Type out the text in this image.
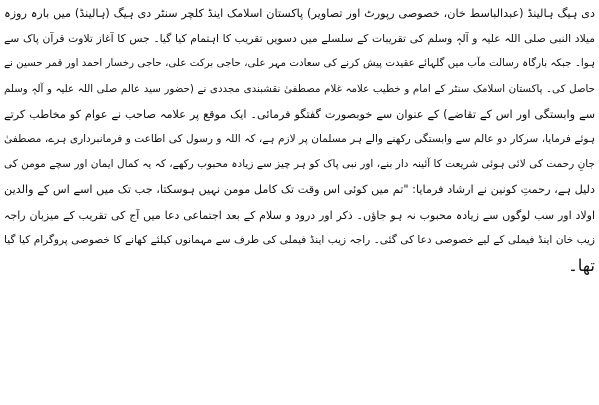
دی ہیگ ہالینڈ (عبدالباسط خان، خصوصی رپورٹ اور تصاویر) پاکستان اسلامک اینڈ کلچر سنٹر دی ہیگ (ہالینڈ) میں بارہ روزہ
میلاد النبی صلی اللہ علیہ و آلہٖ وسلم کی تقریبات کے سلسلے میں دسویں تقریب کا اہتمام کیا گیا۔ جس کا آغاز تلاوت قرآن پاک سے
ہوا۔ جبکہ بارگاہ رسالت مآب میں گلہائے عقیدت پیش کرنے کی سعادت مہر علی، حاجی برکت علی، حاجی رخسار احمد اور قمر حسین نے
حاصل کی۔ پاکستان اسلامک سنٹر کے امام و خطیب علامہ غلام مصطفیٰ نقشبندی مجددی نے (حضور سید عالم صلی اللہ علیہ و آلہٖ وسلم
سے وابستگی اور اس کے تقاضے) کے عنوان سے خوبصورت گفتگو فرمائی۔ ایک موقع پر علامہ صاحب نے عوام کو مخاطب کرتے
ہوئے فرمایا، سرکار دو عالم سے وابستگی رکھنے والے ہر مسلمان پر لازم ہے، کہ اللہ و رسول کی اطاعت و فرمانبرداری ہرے، مصطفیٰ
جانِ رحمت کی لائی ہوئی شریعت کا آئینہ دار بنے، اور نبی پاک کو ہر چیز سے زیادہ محبوب رکھے، کہ یہ کمال ایمان اور سچے مومن کی
دلیل ہے، رحمتِ کونین نے ارشاد فرمایا: "تم میں کوئی اس وقت تک کامل مومن نہیں ہوسکتا، جب تک میں اسے اس کے والدین
اولاد اور سب لوگوں سے زیادہ محبوب نہ ہو جاؤں۔ ذکر اور درود و سلام کے بعد اجتماعی دعا میں آج کی تقریب کے میزبان راجہ
زیب خان اینڈ فیملی کے لیے خصوصی دعا کی گئی۔ راجہ زیب اینڈ فیملی کی طرف سے مہمانوں کیلئے کھانے کا خصوصی پروگرام کیا گیا
تھا۔
